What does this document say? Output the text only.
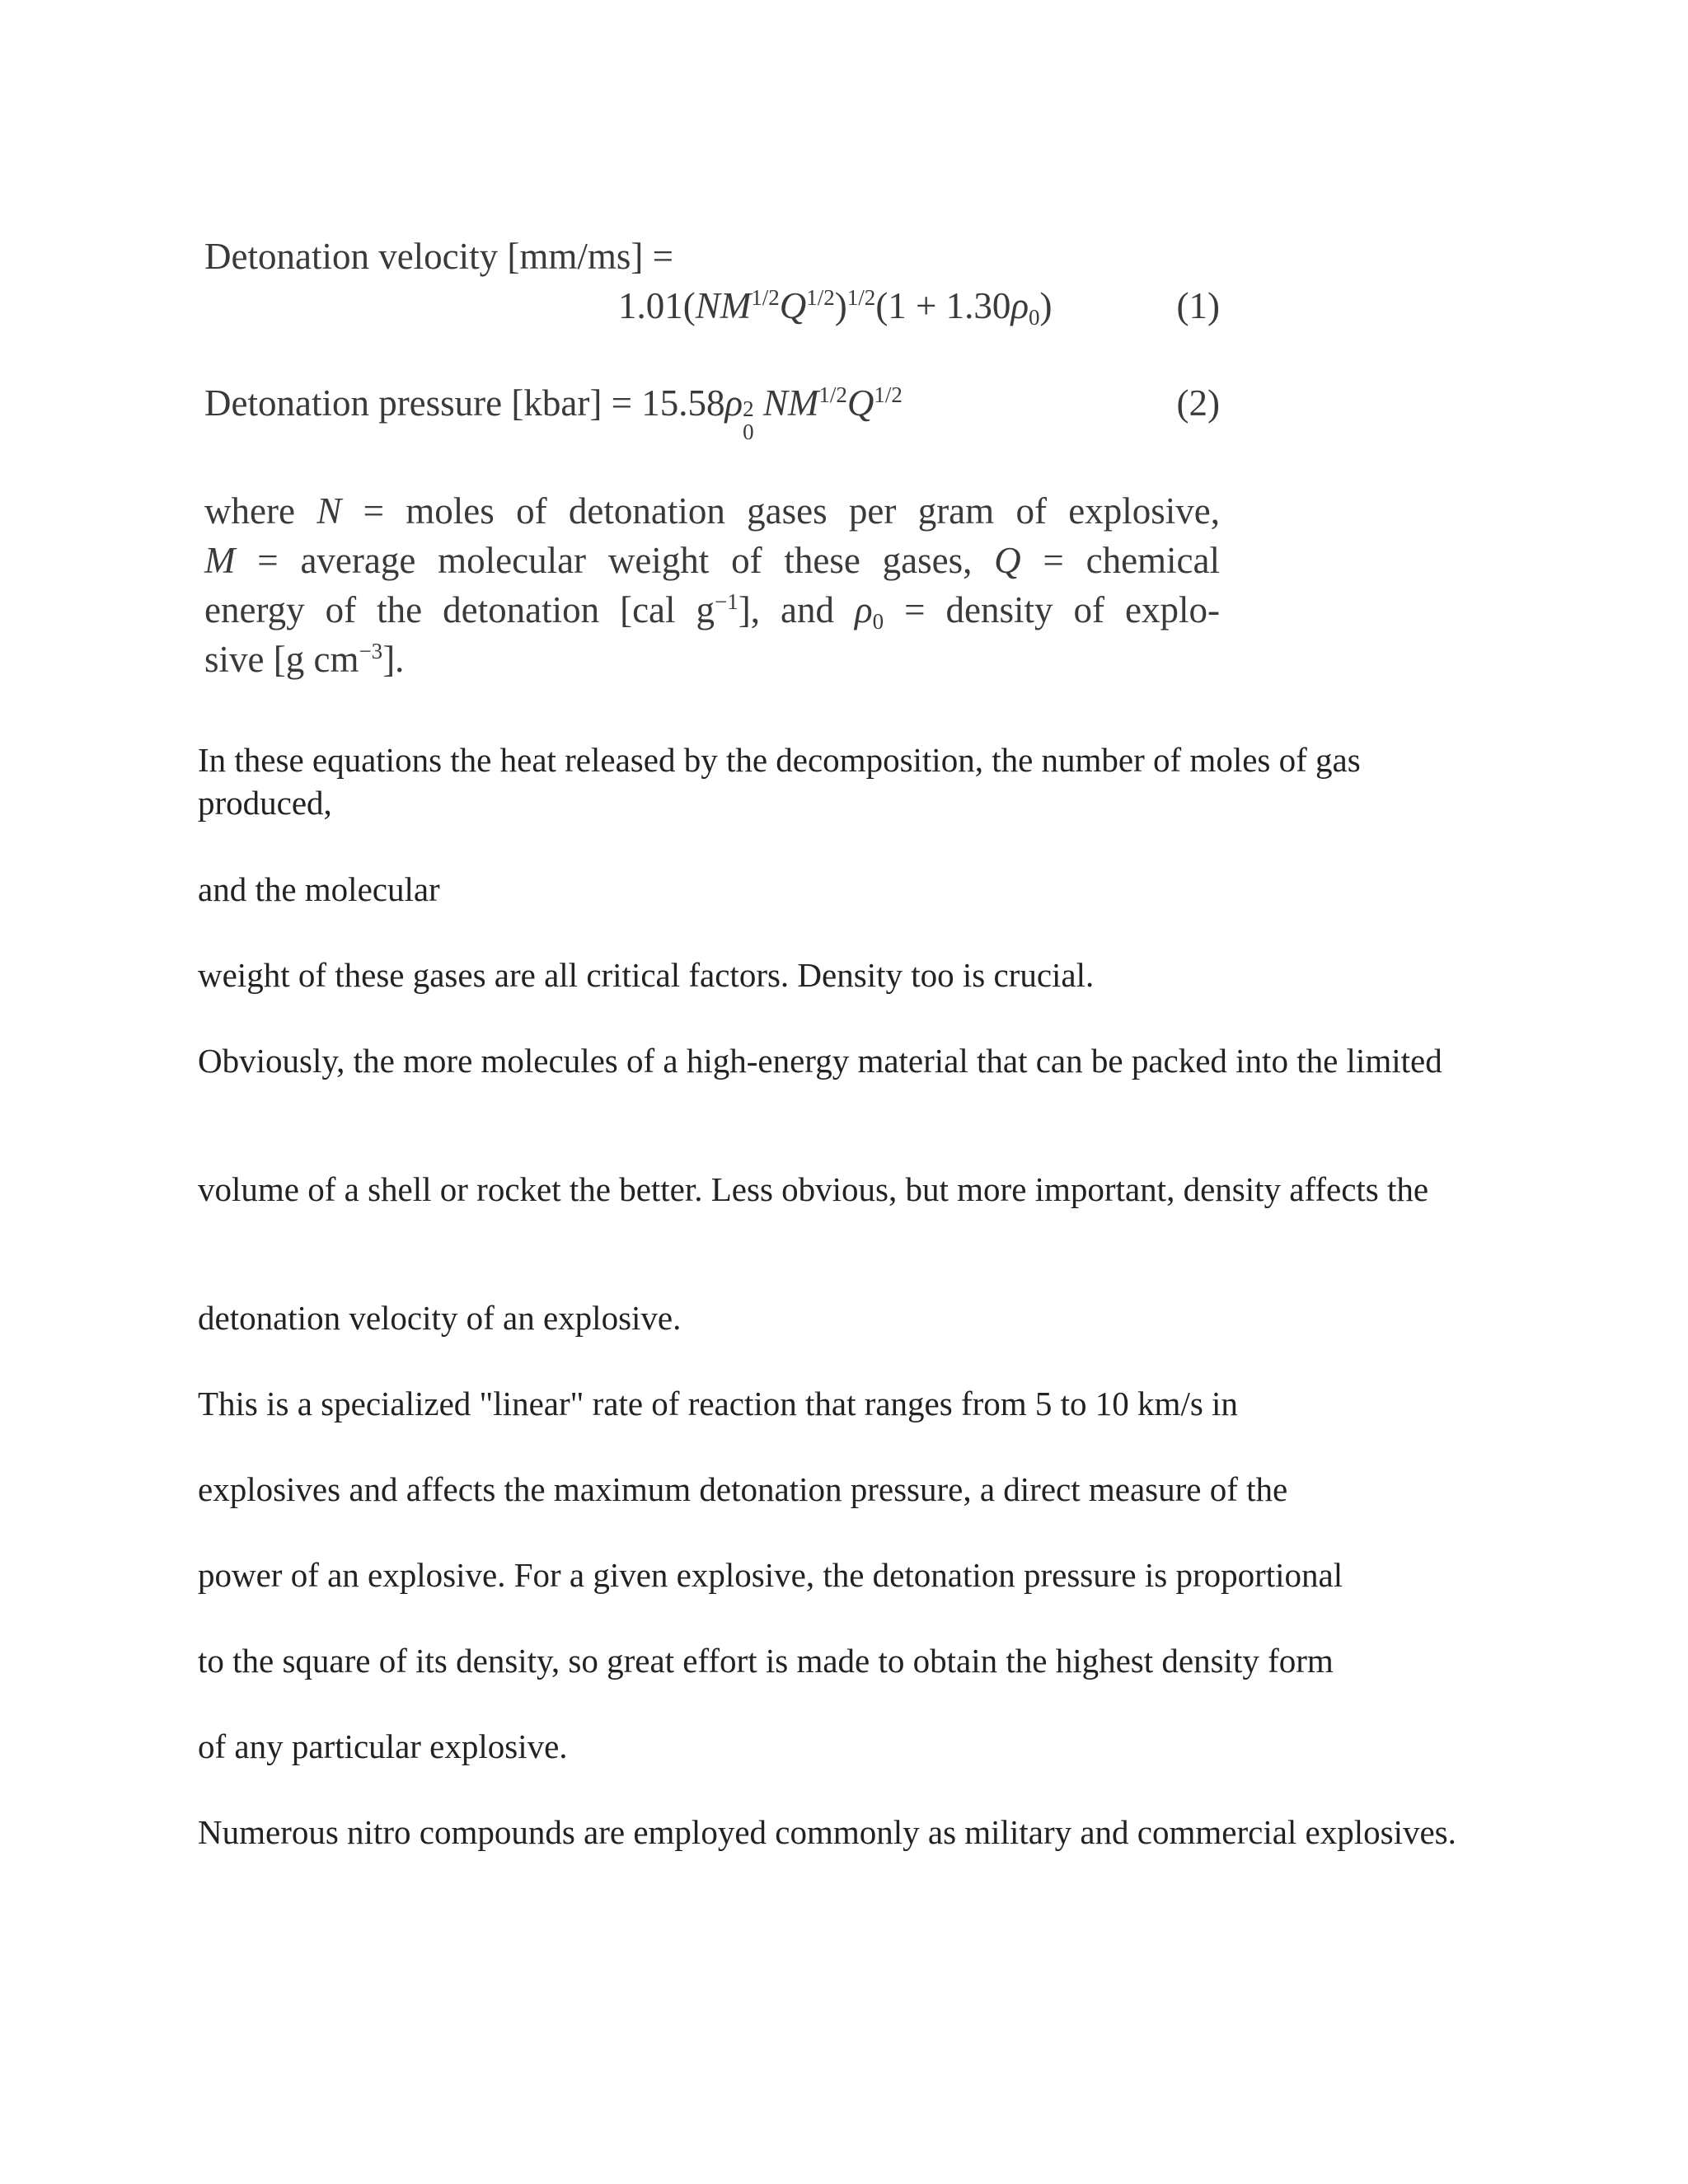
Detonation velocity [mm/ms] =
$1.01(NM^{1/2}Q^{1/2})^{1/2}(1 + 1.30\rho 0)$	(1)
Detonation pressure [kbar] = 15.58ρ 2
0
$NM^{1/2}Q^{1/2}$	(2)
where N = moles of detonation gases per gram of explosive,
M = average molecular weight of these gases, Q = chemical
energy of the detonation [cal $g^{-1}$], and ρ0 = density of explo-
sive [g $cm^{-3}$].

In these equations the heat released by the decomposition, the number of moles of gas produced,

and the molecular

weight of these gases are all critical factors. Density too is crucial.

Obviously, the more molecules of a high-energy material that can be packed into the limited

volume of a shell or rocket the better. Less obvious, but more important, density affects the

detonation velocity of an explosive.

This is a specialized "linear" rate of reaction that ranges from 5 to 10 km/s in

explosives and affects the maximum detonation pressure, a direct measure of the

power of an explosive. For a given explosive, the detonation pressure is proportional

to the square of its density, so great effort is made to obtain the highest density form

of any particular explosive.

Numerous nitro compounds are employed commonly as military and commercial explosives.
